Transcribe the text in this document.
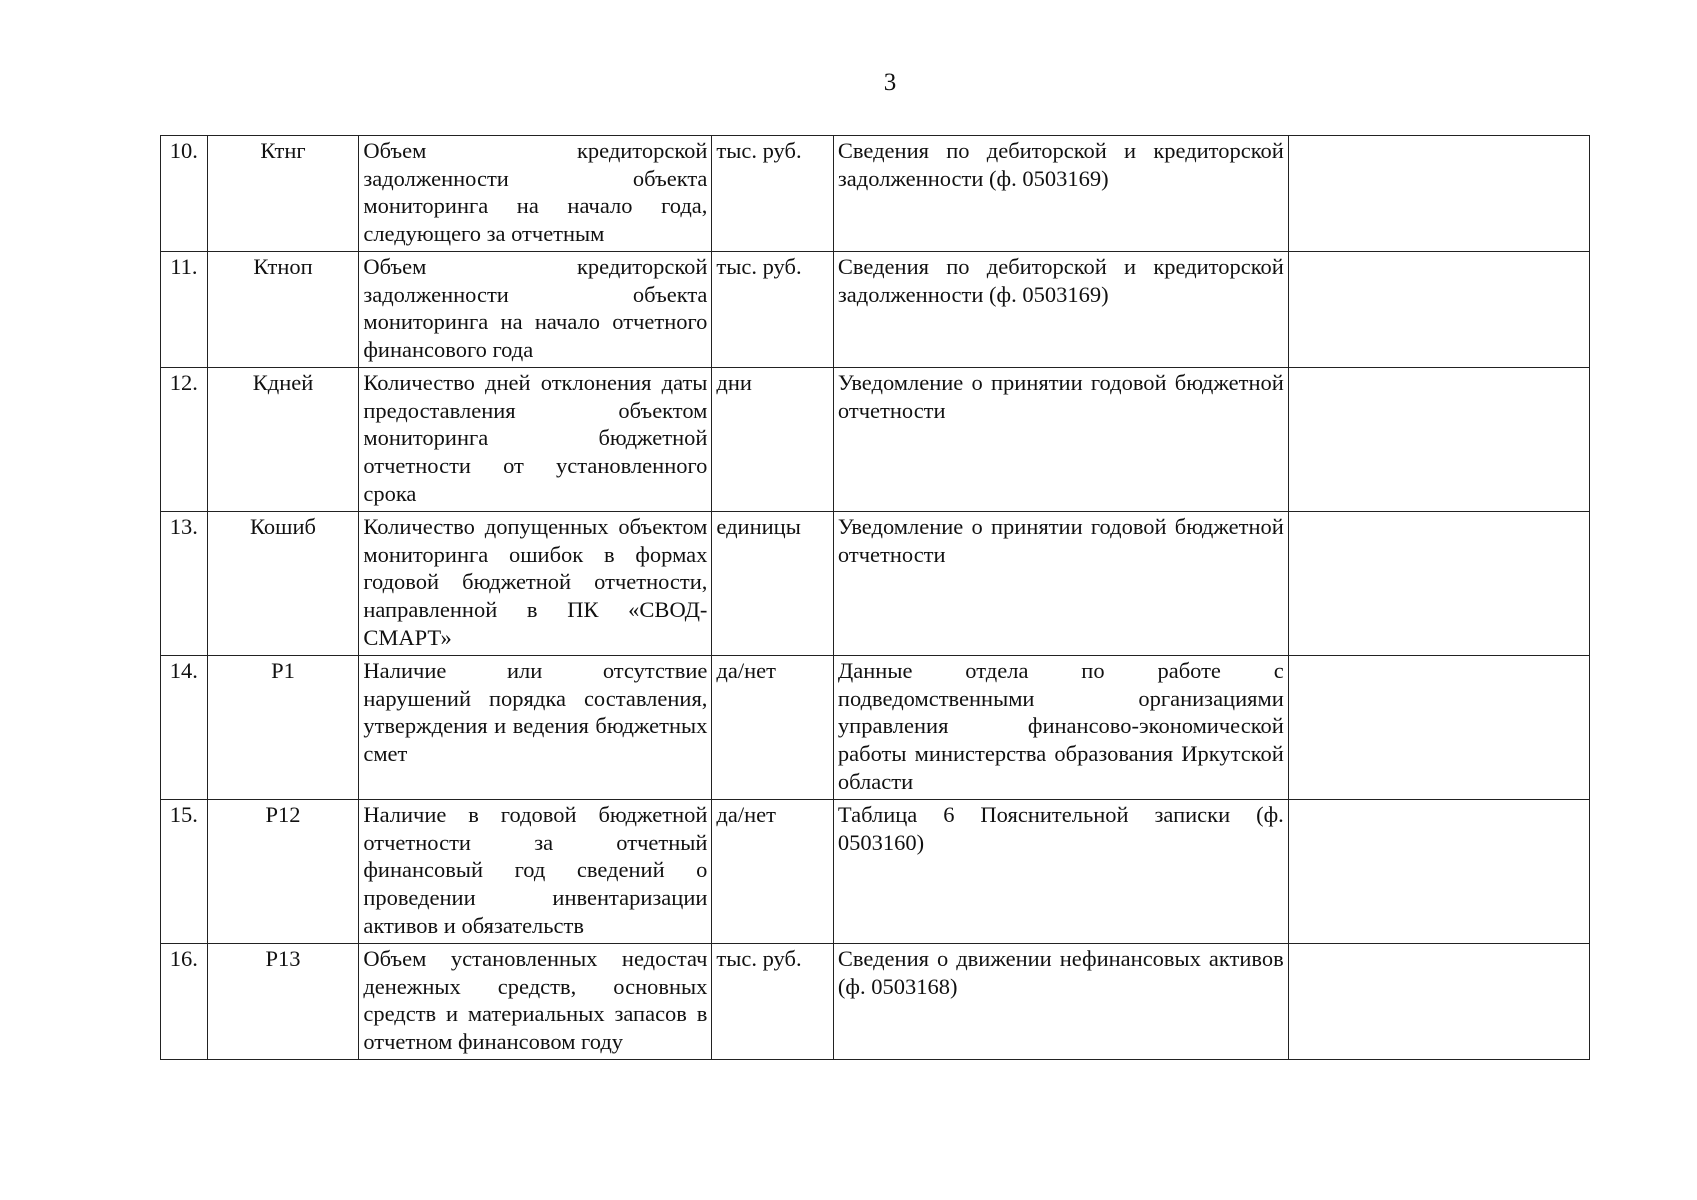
3
10.	Ктнг	Объем кредиторской задолженности объекта мониторинга на начало года, следующего за отчетным	тыс. руб.	Сведения по дебиторской и кредиторской задолженности (ф. 0503169)	
11.	Ктноп	Объем кредиторской задолженности объекта мониторинга на начало отчетного финансового года	тыс. руб.	Сведения по дебиторской и кредиторской задолженности (ф. 0503169)	
12.	Кдней	Количество дней отклонения даты предоставления объектом мониторинга бюджетной отчетности от установленного срока	дни	Уведомление о принятии годовой бюджетной отчетности	
13.	Кошиб	Количество допущенных объектом мониторинга ошибок в формах годовой бюджетной отчетности, направленной в ПК «СВОД-СМАРТ»	единицы	Уведомление о принятии годовой бюджетной отчетности	
14.	Р1	Наличие или отсутствие нарушений порядка составления, утверждения и ведения бюджетных смет	да/нет	Данные отдела по работе с подведомственными организациями управления финансово-экономической работы министерства образования Иркутской области	
15.	Р12	Наличие в годовой бюджетной отчетности за отчетный финансовый год сведений о проведении инвентаризации активов и обязательств	да/нет	Таблица 6 Пояснительной записки (ф. 0503160)	
16.	Р13	Объем установленных недостач денежных средств, основных средств и материальных запасов в отчетном финансовом году	тыс. руб.	Сведения о движении нефинансовых активов (ф. 0503168)	
